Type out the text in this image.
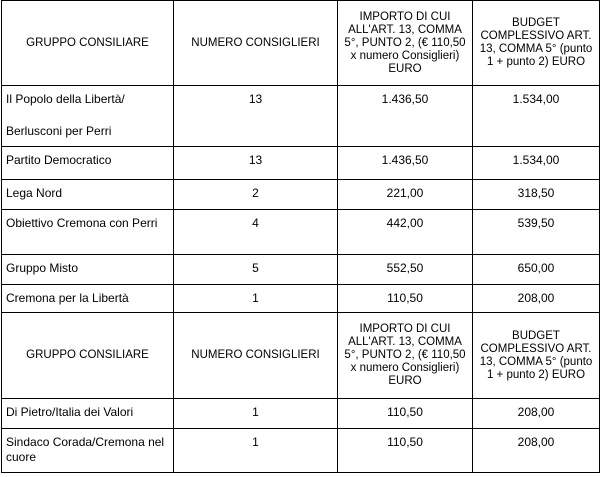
GRUPPO CONSILIARE	NUMERO CONSIGLIERI	IMPORTO DI CUI ALL'ART. 13, COMMA 5°, PUNTO 2, (€ 110,50 x numero Consiglieri) EURO	BUDGET COMPLESSIVO ART. 13, COMMA 5° (punto 1 + punto 2) EURO
Il Popolo della Libertà/
Berlusconi per Perri	13	1.436,50	1.534,00
Partito Democratico	13	1.436,50	1.534,00
Lega Nord	2	221,00	318,50
Obiettivo Cremona con Perri	4	442,00	539,50
Gruppo Misto	5	552,50	650,00
Cremona per la Libertà	1	110,50	208,00
GRUPPO CONSILIARE	NUMERO CONSIGLIERI	IMPORTO DI CUI ALL'ART. 13, COMMA 5°, PUNTO 2, (€ 110,50 x numero Consiglieri) EURO	BUDGET COMPLESSIVO ART. 13, COMMA 5° (punto 1 + punto 2) EURO
Di Pietro/Italia dei Valori	1	110,50	208,00
Sindaco Corada/Cremona nel cuore	1	110,50	208,00
